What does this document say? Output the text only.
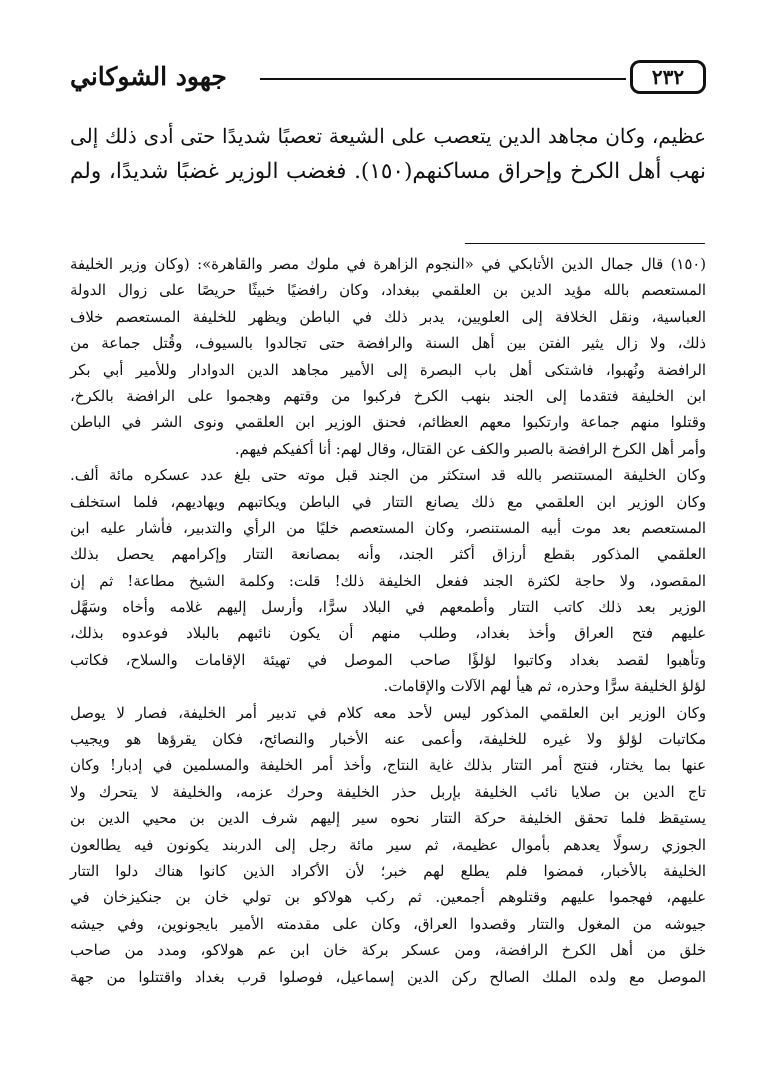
٢٣٢
جهود الشوكاني
عظيم، وكان مجاهد الدين يتعصب على الشيعة تعصبًا شديدًا حتى أدى ذلك إلى
نهب أهل الكرخ وإحراق مساكنهم(١٥٠). فغضب الوزير غضبًا شديدًا، ولم
(١٥٠) قال جمال الدين الأتابكي في «النجوم الزاهرة في ملوك مصر والقاهرة»: (وكان وزير الخليفة
المستعصم بالله مؤيد الدين بن العلقمي ببغداد، وكان رافضيًا خبيثًا حريصًا على زوال الدولة
العباسية، ونقل الخلافة إلى العلويين، يدبر ذلك في الباطن ويظهر للخليفة المستعصم خلاف
ذلك، ولا زال يثير الفتن بين أهل السنة والرافضة حتى تجالدوا بالسيوف، وقُتل جماعة من
الرافضة ونُهبوا، فاشتكى أهل باب البصرة إلى الأمير مجاهد الدين الدوادار وللأمير أبي بكر
ابن الخليفة فتقدما إلى الجند بنهب الكرخ فركبوا من وقتهم وهجموا على الرافضة بالكرخ،
وقتلوا منهم جماعة وارتكبوا معهم العظائم، فحنق الوزير ابن العلقمي ونوى الشر في الباطن
وأمر أهل الكرخ الرافضة بالصبر والكف عن القتال، وقال لهم: أنا أكفيكم فيهم.
وكان الخليفة المستنصر بالله قد استكثر من الجند قبل موته حتى بلغ عدد عسكره مائة ألف.
وكان الوزير ابن العلقمي مع ذلك يصانع التتار في الباطن ويكاتبهم ويهاديهم، فلما استخلف
المستعصم بعد موت أبيه المستنصر، وكان المستعصم خليًا من الرأي والتدبير، فأشار عليه ابن
العلقمي المذكور بقطع أرزاق أكثر الجند، وأنه بمصانعة التتار وإكرامهم يحصل بذلك
المقصود، ولا حاجة لكثرة الجند ففعل الخليفة ذلك! قلت: وكلمة الشيخ مطاعة! ثم إن
الوزير بعد ذلك كاتب التتار وأطمعهم في البلاد سرًّا، وأرسل إليهم غلامه وأخاه وسَهَّل
عليهم فتح العراق وأخذ بغداد، وطلب منهم أن يكون نائبهم بالبلاد فوعدوه بذلك،
وتأهبوا لقصد بغداد وكاتبوا لؤلؤًا صاحب الموصل في تهيئة الإقامات والسلاح، فكاتب
لؤلؤ الخليفة سرًّا وحذره، ثم هيأ لهم الآلات والإقامات.
وكان الوزير ابن العلقمي المذكور ليس لأحد معه كلام في تدبير أمر الخليفة، فصار لا يوصل
مكاتبات لؤلؤ ولا غيره للخليفة، وأعمى عنه الأخبار والنصائح، فكان يقرؤها هو ويجيب
عنها بما يختار، فنتج أمر التتار بذلك غاية النتاج، وأخذ أمر الخليفة والمسلمين في إدبار! وكان
تاج الدين بن صلايا نائب الخليفة بإربل حذر الخليفة وحرك عزمه، والخليفة لا يتحرك ولا
يستيقظ فلما تحقق الخليفة حركة التتار نحوه سير إليهم شرف الدين بن محيي الدين بن
الجوزي رسولًا يعدهم بأموال عظيمة، ثم سير مائة رجل إلى الدربند يكونون فيه يطالعون
الخليفة بالأخبار، فمضوا فلم يطلع لهم خبر؛ لأن الأكراد الذين كانوا هناك دلوا التتار
عليهم، فهجموا عليهم وقتلوهم أجمعين. ثم ركب هولاكو بن تولي خان بن جنكيزخان في
جيوشه من المغول والتتار وقصدوا العراق، وكان على مقدمته الأمير بايجونوين، وفي جيشه
خلق من أهل الكرخ الرافضة، ومن عسكر بركة خان ابن عم هولاكو، ومدد من صاحب
الموصل مع ولده الملك الصالح ركن الدين إسماعيل، فوصلوا قرب بغداد واقتتلوا من جهة
